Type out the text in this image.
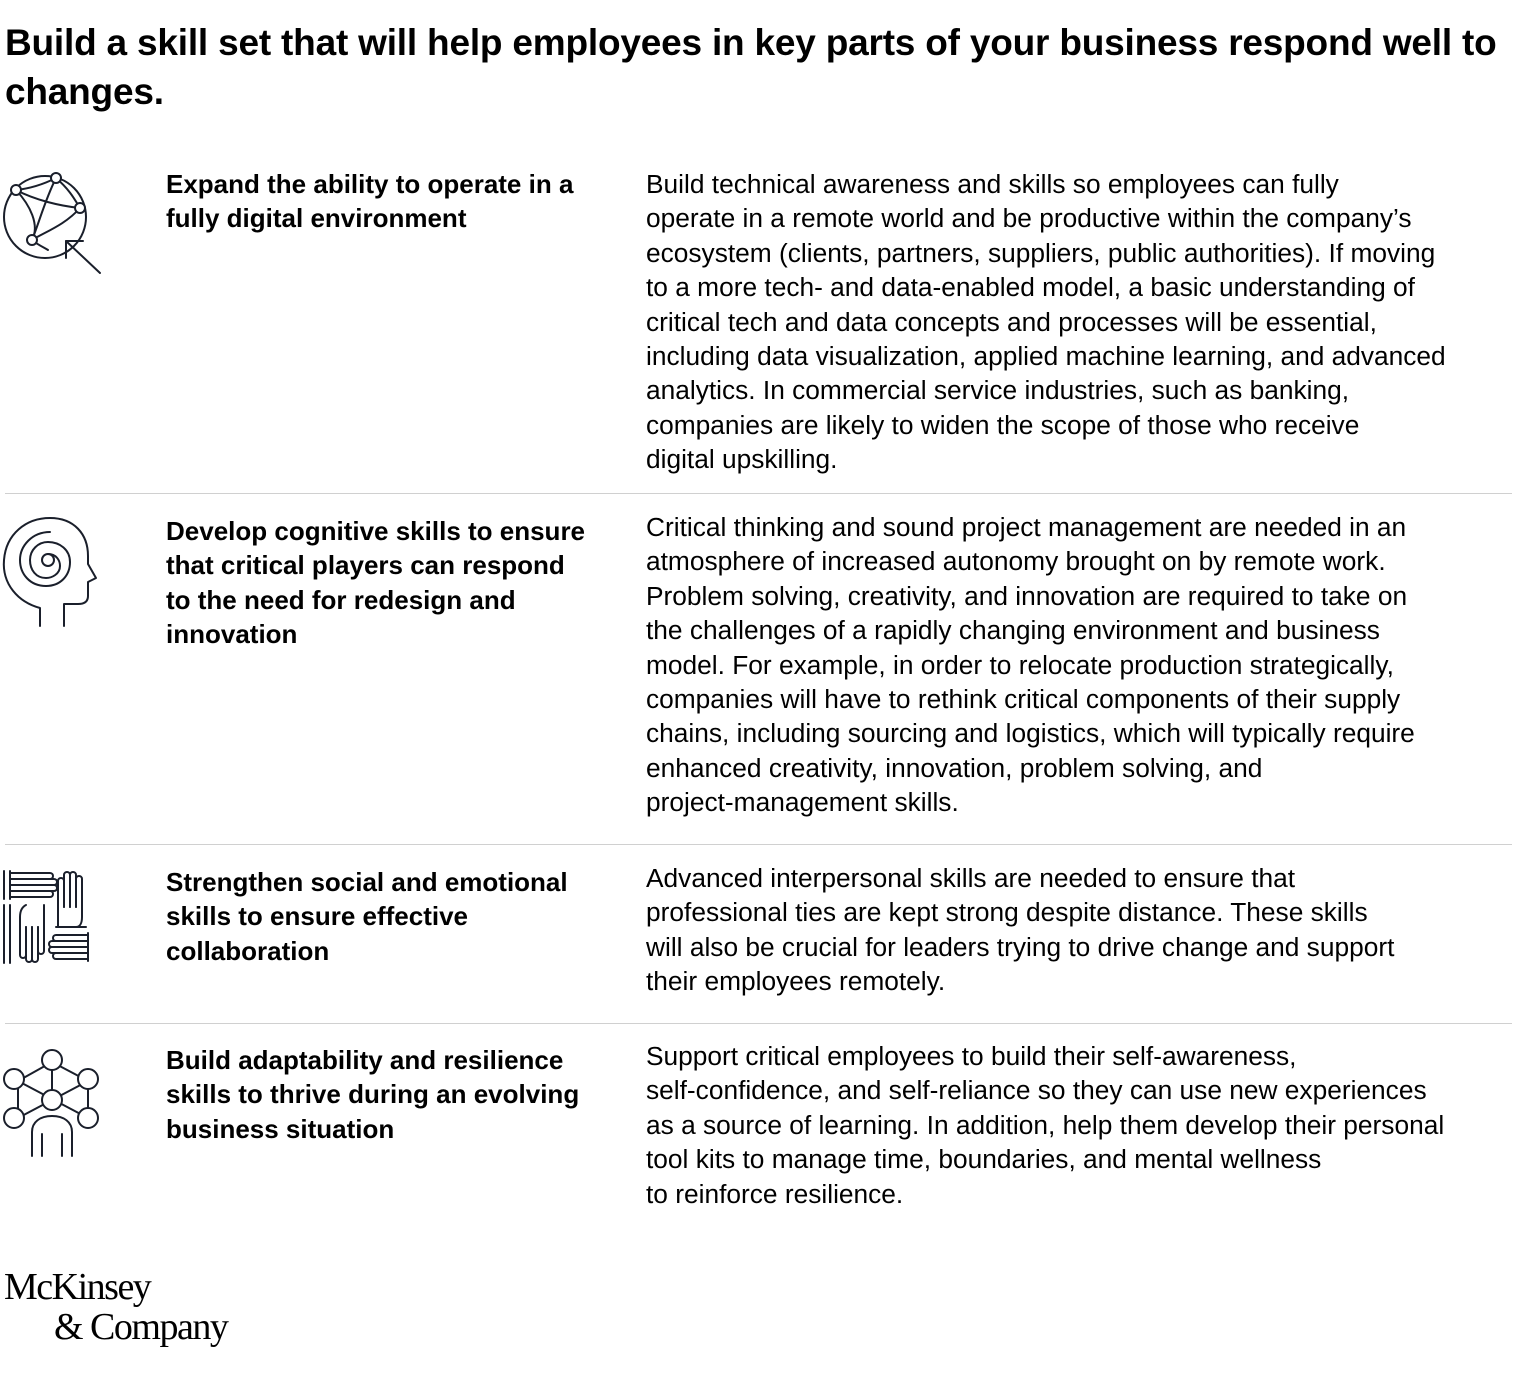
Build a skill set that will help employees in key parts of your business respond well to changes.
Expand the ability to operate in a fully digital environment

Build technical awareness and skills so employees can fully
operate in a remote world and be productive within the company’s
ecosystem (clients, partners, suppliers, public authorities). If moving
to a more tech- and data-enabled model, a basic understanding of
critical tech and data concepts and processes will be essential,
including data visualization, applied machine learning, and advanced
analytics. In commercial service industries, such as banking,
companies are likely to widen the scope of those who receive
digital upskilling.

Develop cognitive skills to ensure that critical players can respond to the need for redesign and innovation

Critical thinking and sound project management are needed in an
atmosphere of increased autonomy brought on by remote work.
Problem solving, creativity, and innovation are required to take on
the challenges of a rapidly changing environment and business
model. For example, in order to relocate production strategically,
companies will have to rethink critical components of their supply
chains, including sourcing and logistics, which will typically require
enhanced creativity, innovation, problem solving, and
project-management skills.

Strengthen social and emotional skills to ensure effective collaboration

Advanced interpersonal skills are needed to ensure that
professional ties are kept strong despite distance. These skills
will also be crucial for leaders trying to drive change and support
their employees remotely.

Build adaptability and resilience skills to thrive during an evolving business situation

Support critical employees to build their self-awareness,
self-confidence, and self-reliance so they can use new experiences
as a source of learning. In addition, help them develop their personal
tool kits to manage time, boundaries, and mental wellness
to reinforce resilience.

McKinsey
& Company
